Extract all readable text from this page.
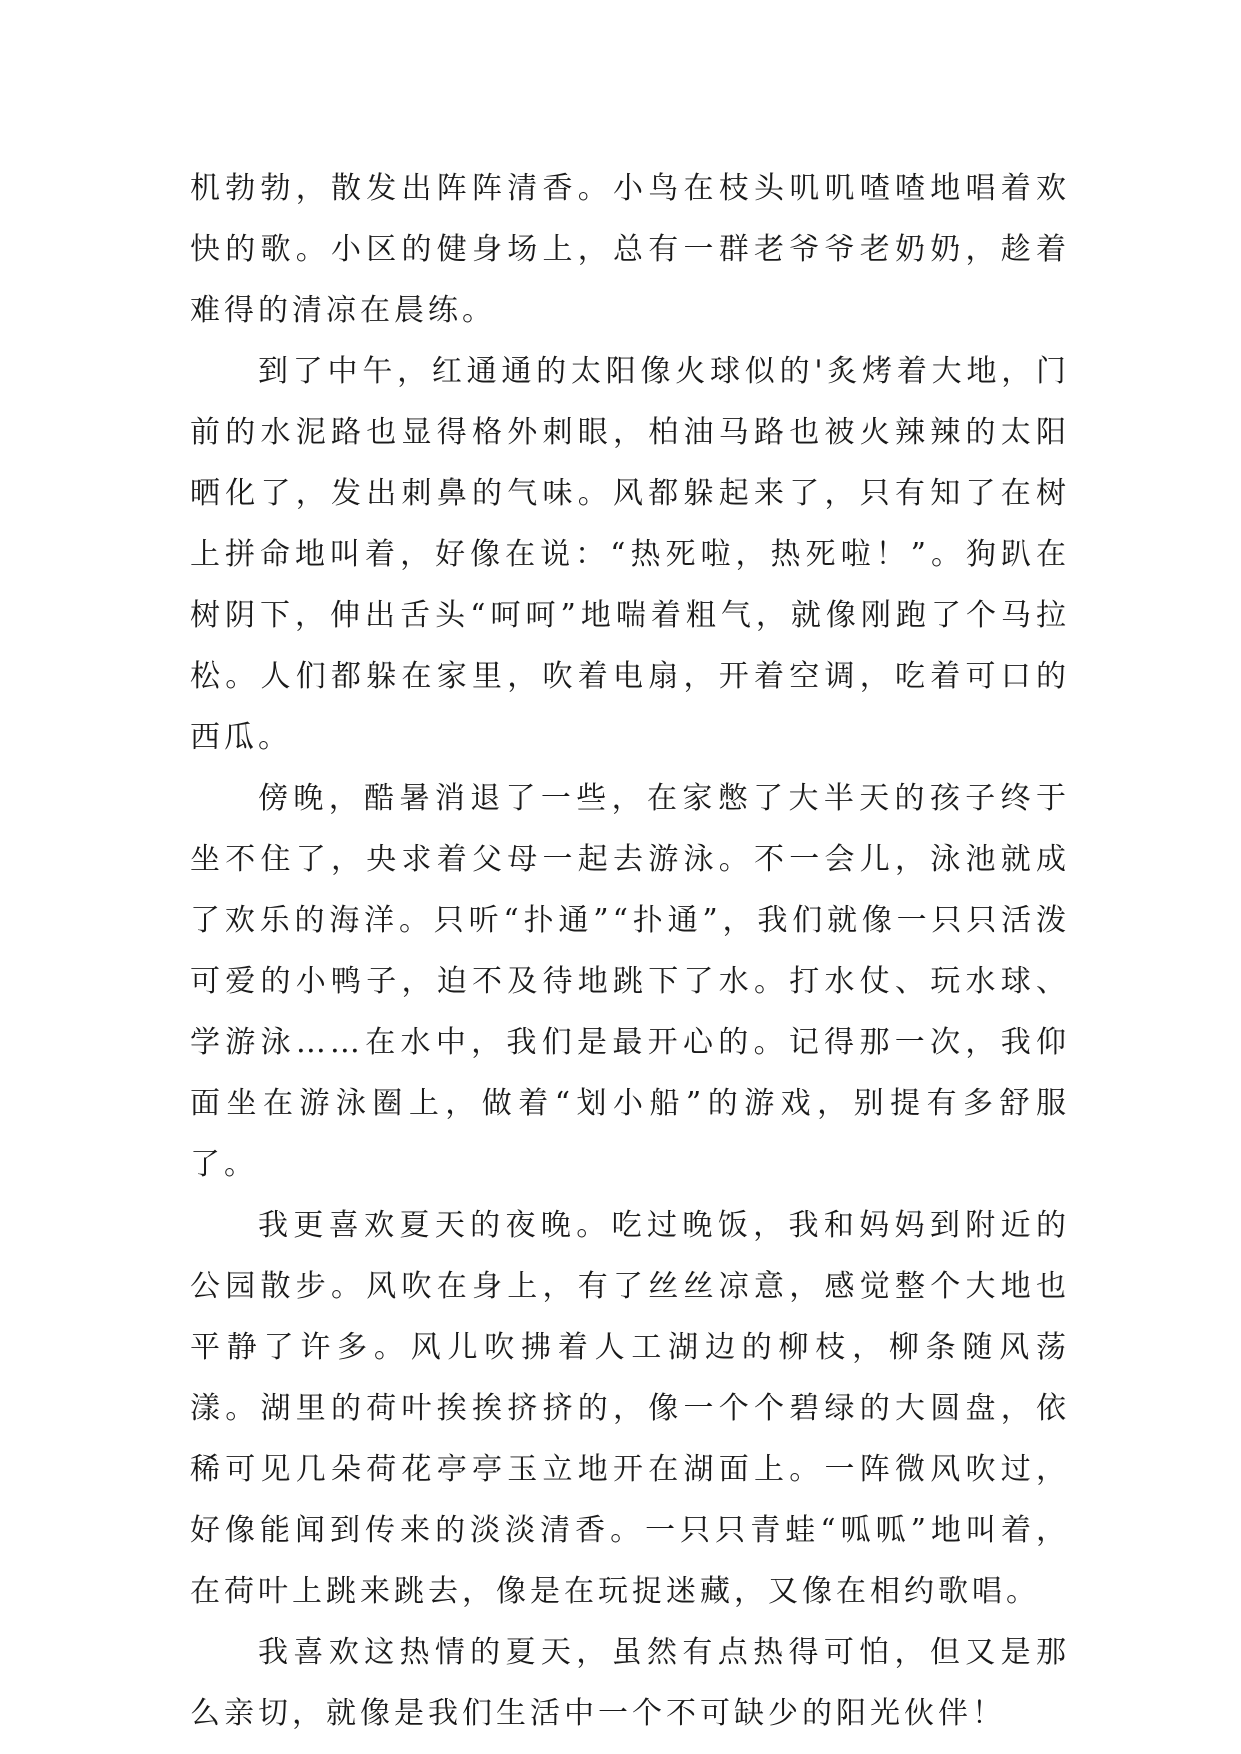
机勃勃，散发出阵阵清香。小鸟在枝头叽叽喳喳地唱着欢快的歌。小区的健身场上，总有一群老爷爷老奶奶，趁着难得的清凉在晨练。

到了中午，红通通的太阳像火球似的'炙烤着大地，门前的水泥路也显得格外刺眼，柏油马路也被火辣辣的太阳晒化了，发出刺鼻的气味。风都躲起来了，只有知了在树上拼命地叫着，好像在说：“热死啦，热死啦！”。狗趴在树阴下，伸出舌头“呵呵”地喘着粗气，就像刚跑了个马拉松。人们都躲在家里，吹着电扇，开着空调，吃着可口的西瓜。

傍晚，酷暑消退了一些，在家憋了大半天的孩子终于坐不住了，央求着父母一起去游泳。不一会儿，泳池就成了欢乐的海洋。只听“扑通”“扑通”，我们就像一只只活泼可爱的小鸭子，迫不及待地跳下了水。打水仗、玩水球、学游泳……在水中，我们是最开心的。记得那一次，我仰面坐在游泳圈上，做着“划小船”的游戏，别提有多舒服了。

我更喜欢夏天的夜晚。吃过晚饭，我和妈妈到附近的公园散步。风吹在身上，有了丝丝凉意，感觉整个大地也平静了许多。风儿吹拂着人工湖边的柳枝，柳条随风荡漾。湖里的荷叶挨挨挤挤的，像一个个碧绿的大圆盘，依稀可见几朵荷花亭亭玉立地开在湖面上。一阵微风吹过，好像能闻到传来的淡淡清香。一只只青蛙“呱呱”地叫着，在荷叶上跳来跳去，像是在玩捉迷藏，又像在相约歌唱。

我喜欢这热情的夏天，虽然有点热得可怕，但又是那么亲切，就像是我们生活中一个不可缺少的阳光伙伴！
